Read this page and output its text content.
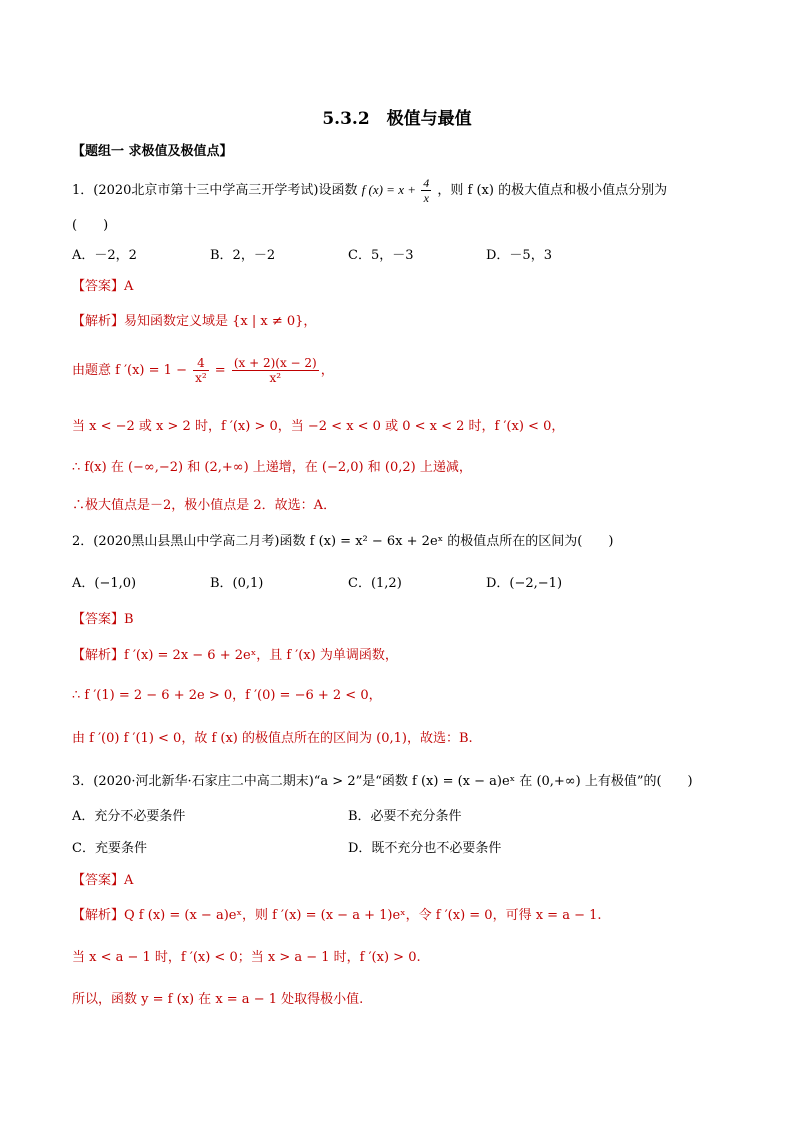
5.3.2　极值与最值
【题组一 求极值及极值点】
1．(2020北京市第十三中学高三开学考试)设函数 f $(x) = x + \frac{4}{x}$ ，则 f (x) 的极大值点和极小值点分别为
(　　)
A．－2，2	B．2，－2	C．5，－3	D．－5，3
【答案】A
【解析】易知函数定义域是 {x | x ≠ 0}，
由题意 f $'(x) = 1 - \frac{4}{\text{x²}} = \frac{(x + 2)(x - 2)}{\text{x²}}$ ，
当 x < −2 或 x > 2 时，f ′(x) > 0，当 −2 < x < 0 或 0 < x < 2 时，f ′(x) < 0，
∴ f(x) 在 (−∞,−2) 和 (2,+∞) 上递增，在 (−2,0) 和 (0,2) 上递减，
∴极大值点是－2，极小值点是 2．故选：A．
2．(2020黑山县黑山中学高二月考)函数 f (x) = x² − 6x + 2eˣ 的极值点所在的区间为(　　)
A．(−1,0)	B．(0,1)	C．(1,2)	D．(−2,−1)
【答案】B
【解析】f ′(x) = 2x − 6 + 2eˣ，且 f ′(x) 为单调函数，
∴ f ′(1) = 2 − 6 + 2e > 0，f ′(0) = −6 + 2 < 0，
由 f ′(0) f ′(1) < 0，故 f (x) 的极值点所在的区间为 (0,1)，故选：B.
3．(2020·河北新华·石家庄二中高二期末)“a > 2”是“函数 f (x) = (x − a)eˣ 在 (0,+∞) 上有极值”的(　　)
A．充分不必要条件	B．必要不充分条件
C．充要条件	D．既不充分也不必要条件
【答案】A
【解析】Q f (x) = (x − a)eˣ，则 f ′(x) = (x − a + 1)eˣ，令 f ′(x) = 0，可得 x = a − 1.
当 x < a − 1 时，f ′(x) < 0；当 x > a − 1 时，f ′(x) > 0.
所以，函数 y = f (x) 在 x = a − 1 处取得极小值.
